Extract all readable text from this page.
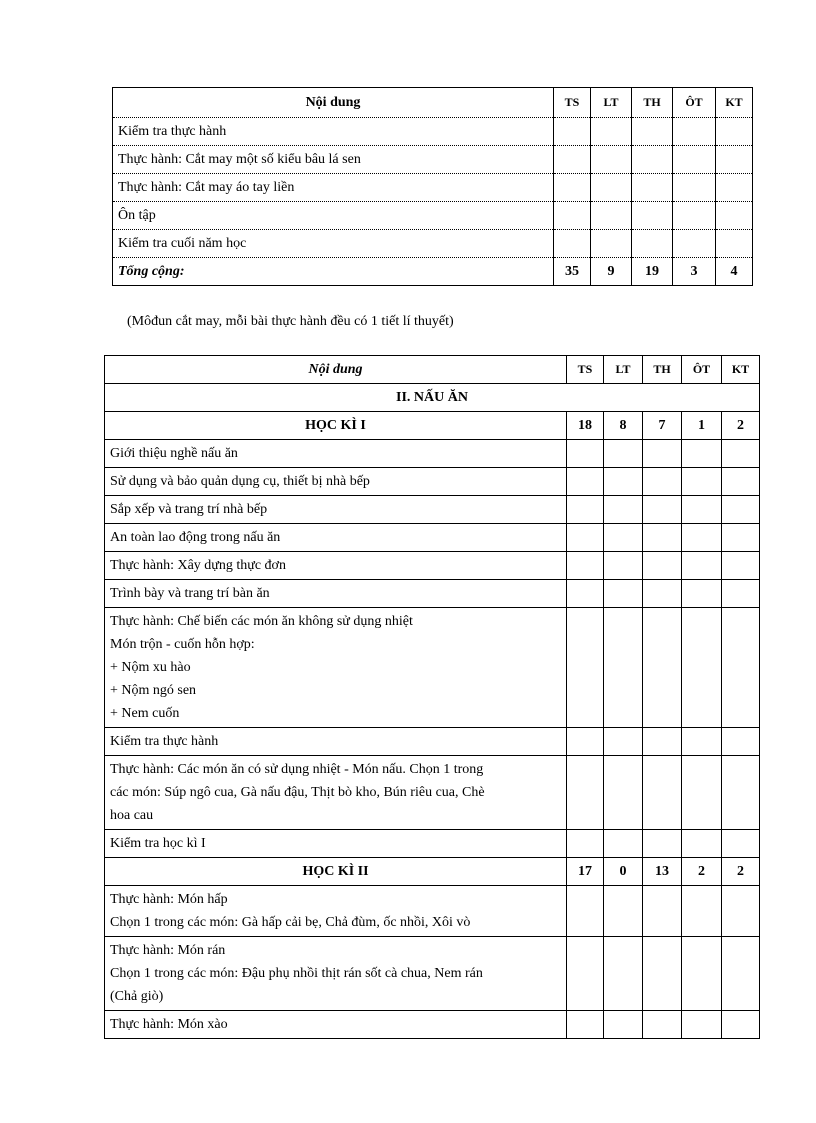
Nội dung	TS	LT	TH	ÔT	KT
Kiểm tra thực hành					
Thực hành: Cắt may một số kiểu bâu lá sen					
Thực hành: Cắt may áo tay liền					
Ôn tập					
Kiểm tra cuối năm học					
Tổng cộng:	35	9	19	3	4
(Môđun cắt may, mỗi bài thực hành đều có 1 tiết lí thuyết)
Nội dung	TS	LT	TH	ÔT	KT
II. NẤU ĂN					
HỌC KÌ I	18	8	7	1	2

Giới thiệu nghề nấu ăn					

Sử dụng và bảo quản dụng cụ, thiết bị nhà bếp					

Sắp xếp và trang trí nhà bếp					

An toàn lao động trong nấu ăn					

Thực hành: Xây dựng thực đơn					

Trình bày và trang trí bàn ăn					

Thực hành: Chế biến các món ăn không sử dụng nhiệt
Món trộn - cuốn hỗn hợp:
+ Nộm xu hào
+ Nộm ngó sen
+ Nem cuốn					

Kiểm tra thực hành					

Thực hành: Các món ăn có sử dụng nhiệt - Món nấu. Chọn 1 trong
các món: Súp ngô cua, Gà nấu đậu, Thịt bò kho, Bún riêu cua, Chè
hoa cau					

Kiểm tra học kì I					

HỌC KÌ II	17	0	13	2	2

Thực hành: Món hấp
Chọn 1 trong các món: Gà hấp cải bẹ, Chả đùm, ốc nhồi, Xôi vò					

Thực hành: Món rán
Chọn 1 trong các món: Đậu phụ nhồi thịt rán sốt cà chua, Nem rán
(Chả giò)					

Thực hành: Món xào					
